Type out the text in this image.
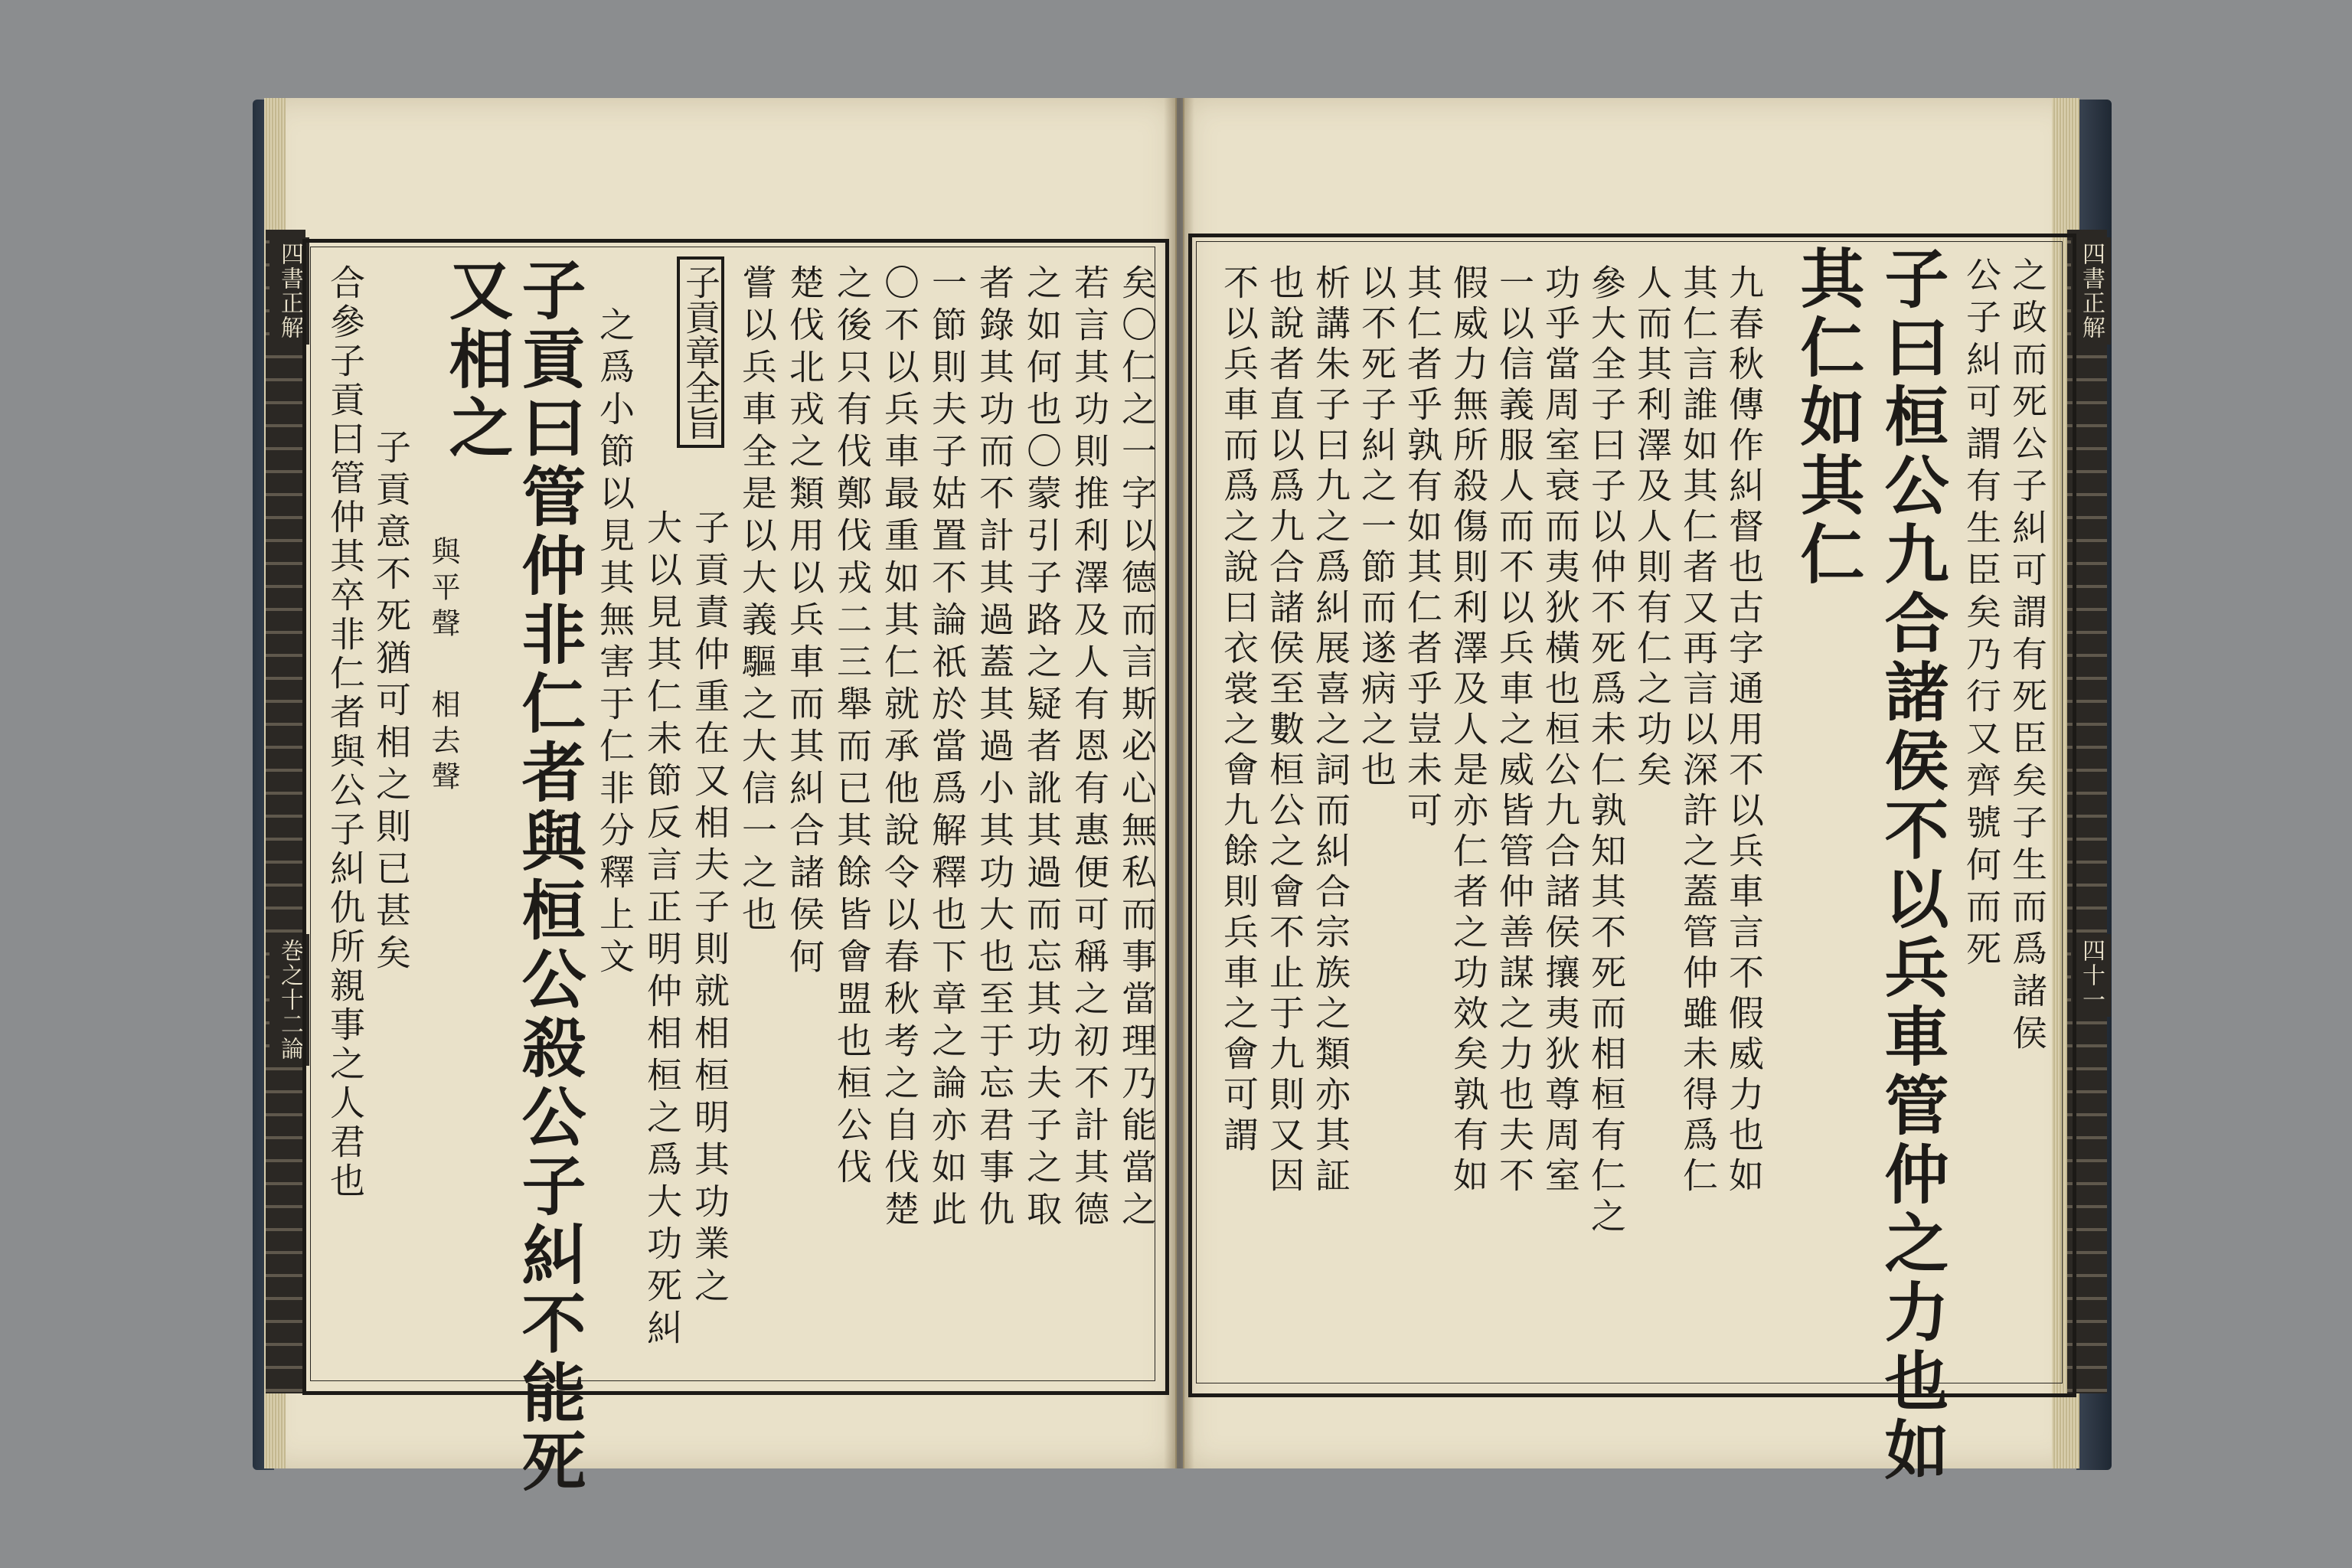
四書正解
巻之十二論
四書正解
四十一
矣〇仁之一字以德而言斯必心無私而事當理乃能當之
若言其功則推利澤及人有恩有惠便可稱之初不計其德
之如何也〇蒙引子路之疑者訛其過而忘其功夫子之取
者錄其功而不計其過蓋其過小其功大也至于忘君事仇
一節則夫子姑置不論祇於當爲解釋也下章之論亦如此
〇不以兵車最重如其仁就承他說令以春秋考之自伐楚
之後只有伐鄭伐戎二三舉而已其餘皆會盟也桓公伐
楚伐北戎之類用以兵車而其糾合諸侯何
嘗以兵車全是以大義驅之大信一之也
子貢章全旨
子貢責仲重在又相夫子則就相桓明其功業之
大以見其仁未節反言正明仲相桓之爲大功死糾
之爲小節以見其無害于仁非分釋上文
子貢曰管仲非仁者與桓公殺公子糾不能死
又相之
與平聲
相去聲
子貢意不死猶可相之則已甚矣
合參子貢曰管仲其卒非仁者與公子糾仇所親事之人君也	之政而死公子糾可謂有死臣矣子生而爲諸侯
公子糾可謂有生臣矣乃行又齊號何而死
子曰桓公九合諸侯不以兵車管仲之力也如
其仁如其仁
九春秋傳作糾督也古字通用不以兵車言不假威力也如
其仁言誰如其仁者又再言以深許之蓋管仲雖未得爲仁
人而其利澤及人則有仁之功矣
參大全子曰子以仲不死爲未仁孰知其不死而相桓有仁之
功乎當周室衰而夷狄橫也桓公九合諸侯攘夷狄尊周室
一以信義服人而不以兵車之威皆管仲善謀之力也夫不
假威力無所殺傷則利澤及人是亦仁者之功效矣孰有如
其仁者乎孰有如其仁者乎豈未可
以不死子糾之一節而遂病之也
析講朱子曰九之爲糾展喜之詞而糾合宗族之類亦其証
也說者直以爲九合諸侯至數桓公之會不止于九則又因
不以兵車而爲之說曰衣裳之會九餘則兵車之會可謂
